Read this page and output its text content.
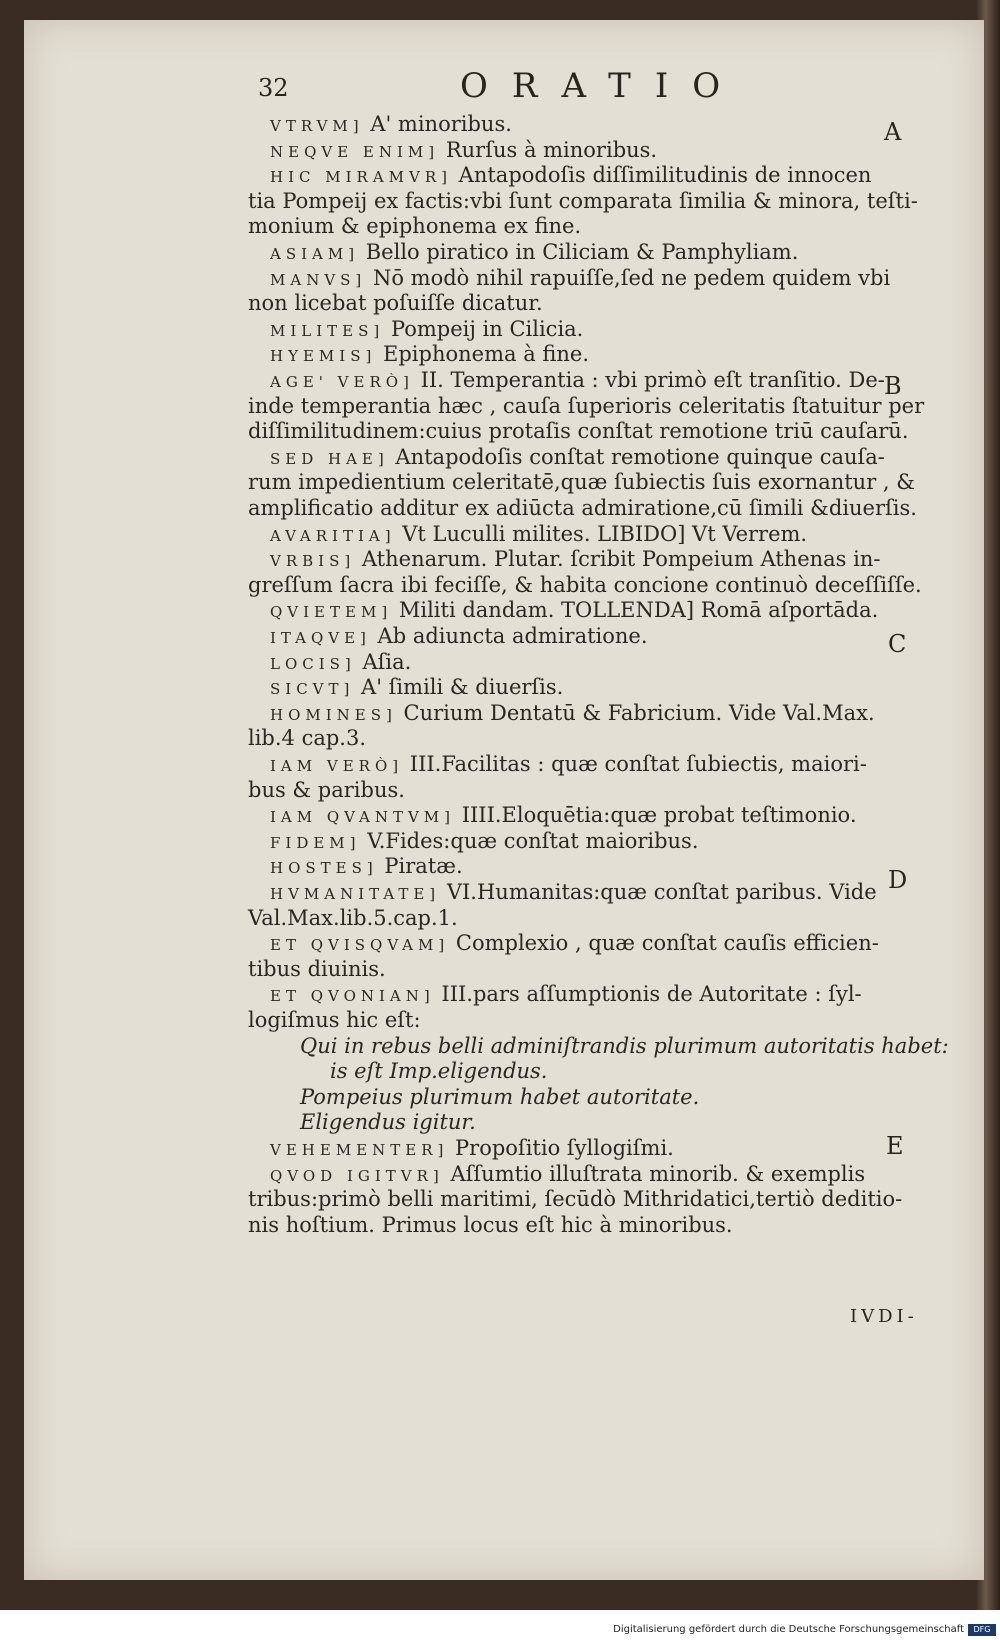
32	ORATIO
VTRVM] A' minoribus.
NEQVE ENIM] Rurſus à minoribus.
HIC MIRAMVR] Antapodoſis diſſimilitudinis de innocen
tia Pompeij ex factis:vbi ſunt comparata ſimilia & minora, teſti-
monium & epiphonema ex fine.
ASIAM] Bello piratico in Ciliciam & Pamphyliam.
MANVS] Nō modò nihil rapuiſſe,ſed ne pedem quidem vbi
non licebat poſuiſſe dicatur.
MILITES] Pompeij in Cilicia.
HYEMIS] Epiphonema à fine.
AGE' VERÒ] II. Temperantia : vbi primò eſt tranſitio. De-
inde temperantia hæc , cauſa ſuperioris celeritatis ſtatuitur per
diſſimilitudinem:cuius protaſis conſtat remotione triū cauſarū.
SED HAE] Antapodoſis conſtat remotione quinque cauſa-
rum impedientium celeritatē,quæ ſubiectis ſuis exornantur , &
amplificatio additur ex adiūcta admiratione,cū ſimili &diuerſis.
AVARITIA] Vt Luculli milites. LIBIDO] Vt Verrem.
VRBIS] Athenarum. Plutar. ſcribit Pompeium Athenas in-
greſſum ſacra ibi feciſſe, & habita concione continuò deceſſiſſe.
QVIETEM] Militi dandam. TOLLENDA] Romā aſportāda.
ITAQVE] Ab adiuncta admiratione.
LOCIS] Aſia.
SICVT] A' ſimili & diuerſis.
HOMINES] Curium Dentatū & Fabricium. Vide Val.Max.
lib.4 cap.3.
IAM VERÒ] III.Facilitas : quæ conſtat ſubiectis, maiori-
bus & paribus.
IAM QVANTVM] IIII.Eloquētia:quæ probat teſtimonio.
FIDEM] V.Fides:quæ conſtat maioribus.
HOSTES] Piratæ.
HVMANITATE] VI.Humanitas:quæ conſtat paribus. Vide
Val.Max.lib.5.cap.1.
ET QVISQVAM] Complexio , quæ conſtat cauſis efficien-
tibus diuinis.
ET QVONIAN] III.pars aſſumptionis de Autoritate : ſyl-
logiſmus hic eſt:
Qui in rebus belli adminiſtrandis plurimum autoritatis habet:
is eſt Imp.eligendus.
Pompeius plurimum habet autoritate.
Eligendus igitur.
VEHEMENTER] Propoſitio ſyllogiſmi.
QVOD IGITVR] Aſſumtio illuſtrata minorib. & exemplis
tribus:primò belli maritimi, ſecūdò Mithridatici,tertiò deditio-
nis hoſtium. Primus locus eſt hic à minoribus.
A
B
C
D
E
IVDI-
Digitalisierung gefördert durch die Deutsche Forschungsgemeinschaft	DFG
